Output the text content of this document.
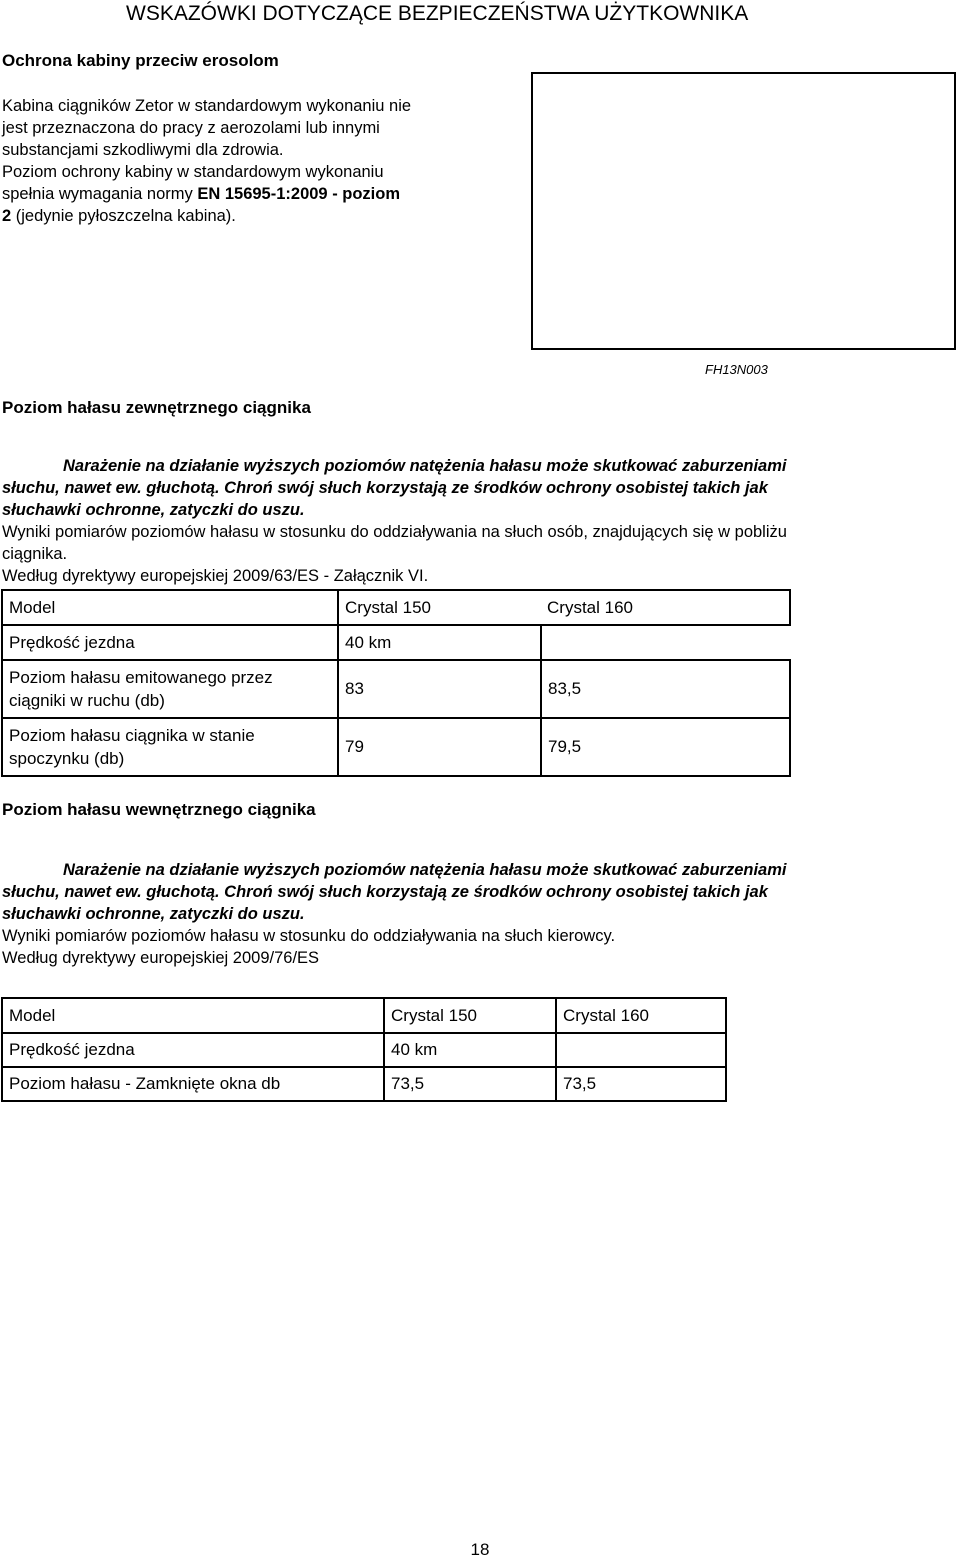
WSKAZÓWKI DOTYCZĄCE BEZPIECZEŃSTWA UŻYTKOWNIKA
Ochrona kabiny przeciw erosolom
Kabina ciągników Zetor w standardowym wykonaniu nie
jest przeznaczona do pracy z aerozolami lub innymi
substancjami szkodliwymi dla zdrowia.
Poziom ochrony kabiny w standardowym wykonaniu
spełnia wymagania normy EN 15695-1:2009 - poziom
2 (jedynie pyłoszczelna kabina).
FH13N003
Poziom hałasu zewnętrznego ciągnika
Narażenie na działanie wyższych poziomów natężenia hałasu może skutkować zaburzeniami
słuchu, nawet ew. głuchotą. Chroń swój słuch korzystają ze środków ochrony osobistej takich jak
słuchawki ochronne, zatyczki do uszu.
Wyniki pomiarów poziomów hałasu w stosunku do oddziaływania na słuch osób, znajdujących się w pobliżu
ciągnika.
Według dyrektywy europejskiej 2009/63/ES - Załącznik VI.
Model	Crystal 150	Crystal 160
Prędkość jezdna	40 km	

Poziom hałasu emitowanego przez
ciągniki w ruchu (db)	83	83,5

Poziom hałasu ciągnika w stanie
spoczynku (db)	79	79,5
Poziom hałasu wewnętrznego ciągnika
Narażenie na działanie wyższych poziomów natężenia hałasu może skutkować zaburzeniami
słuchu, nawet ew. głuchotą. Chroń swój słuch korzystają ze środków ochrony osobistej takich jak
słuchawki ochronne, zatyczki do uszu.
Wyniki pomiarów poziomów hałasu w stosunku do oddziaływania na słuch kierowcy.
Według dyrektywy europejskiej 2009/76/ES
Model	Crystal 150	Crystal 160
Prędkość jezdna	40 km	
Poziom hałasu - Zamknięte okna db	73,5	73,5
18
